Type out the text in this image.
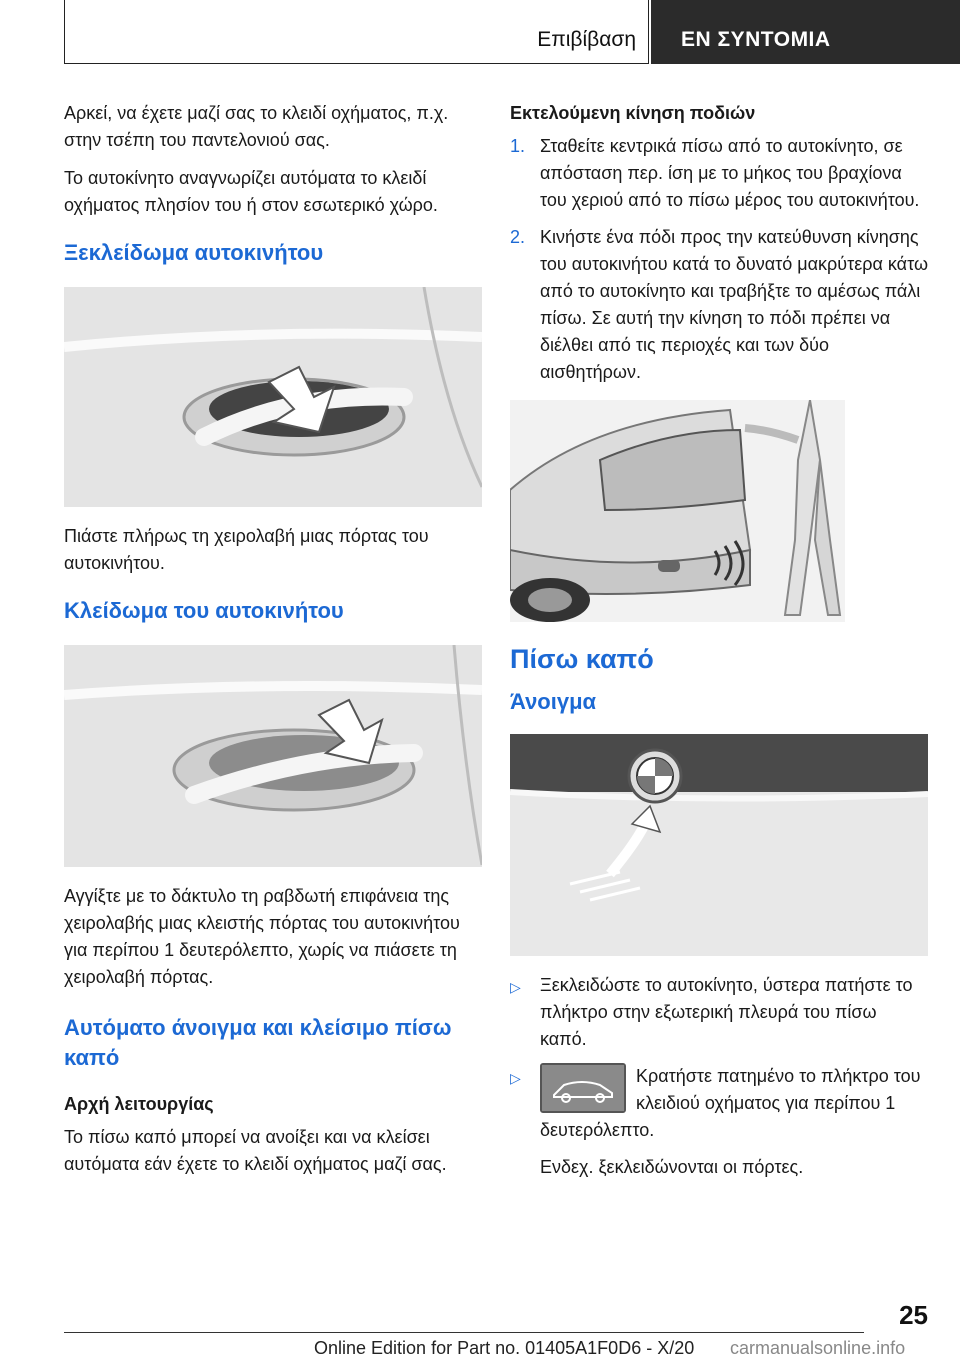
Επιβίβαση ΕΝ ΣΥΝΤΟΜΙΑ

Αρκεί, να έχετε μαζί σας το κλειδί οχήματος, π.χ. στην τσέπη του παντελονιού σας.

Το αυτοκίνητο αναγνωρίζει αυτόματα το κλειδί οχήματος πλησίον του ή στον εσωτερικό χώρο.

Ξεκλείδωμα αυτοκινήτου

Πιάστε πλήρως τη χειρολαβή μιας πόρτας του αυτοκινήτου.

Κλείδωμα του αυτοκινήτου

Αγγίξτε με το δάκτυλο τη ραβδωτή επιφάνεια της χειρολαβής μιας κλειστής πόρτας του αυτοκινήτου για περίπου 1 δευτερόλεπτο, χωρίς να πιάσετε τη χειρολαβή πόρτας.

Αυτόματο άνοιγμα και κλείσιμο πίσω καπό
Αρχή λειτουργίας

Το πίσω καπό μπορεί να ανοίξει και να κλείσει αυτόματα εάν έχετε το κλειδί οχήματος μαζί σας.

Εκτελούμενη κίνηση ποδιών
1. Σταθείτε κεντρικά πίσω από το αυτοκίνητο, σε απόσταση περ. ίση με το μήκος του βραχίονα του χεριού από το πίσω μέρος του αυτοκινήτου.
2. Κινήστε ένα πόδι προς την κατεύθυνση κίνησης του αυτοκινήτου κατά το δυνατό μακρύτερα κάτω από το αυτοκίνητο και τραβήξτε το αμέσως πάλι πίσω. Σε αυτή την κίνηση το πόδι πρέπει να διέλθει από τις περιοχές και των δύο αισθητήρων.
Πίσω καπό
Άνοιγμα
▷	Ξεκλειδώστε το αυτοκίνητο, ύστερα πατήστε το πλήκτρο στην εξωτερική πλευρά του πίσω καπό.
▷	Κρατήστε πατημένο το πλήκτρο του κλειδιού οχήματος για περίπου 1 δευτερόλεπτο.

Ενδεχ. ξεκλειδώνονται οι πόρτες.

25
Online Edition for Part no. 01405A1F0D6 - X/20 carmanualsonline.info
